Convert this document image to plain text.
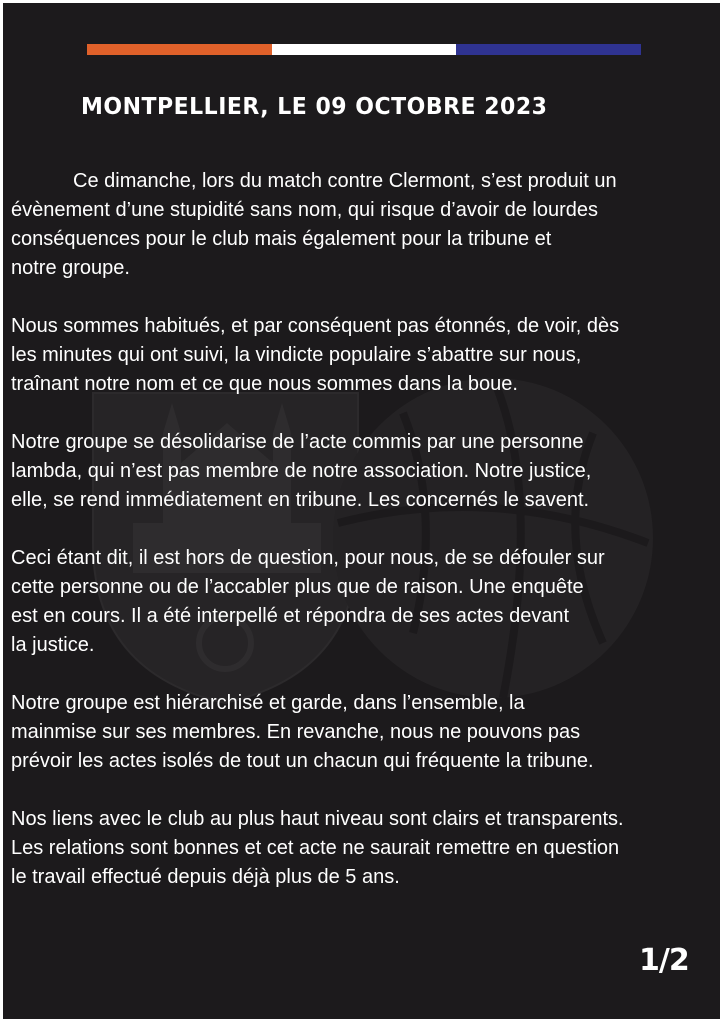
MONTPELLIER, LE 09 OCTOBRE 2023

Ce dimanche, lors du match contre Clermont, s’est produit un
évènement d’une stupidité sans nom, qui risque d’avoir de lourdes
conséquences pour le club mais également pour la tribune et
notre groupe.

Nous sommes habitués, et par conséquent pas étonnés, de voir, dès
les minutes qui ont suivi, la vindicte populaire s’abattre sur nous,
traînant notre nom et ce que nous sommes dans la boue.

Notre groupe se désolidarise de l’acte commis par une personne
lambda, qui n’est pas membre de notre association. Notre justice,
elle, se rend immédiatement en tribune. Les concernés le savent.

Ceci étant dit, il est hors de question, pour nous, de se défouler sur
cette personne ou de l’accabler plus que de raison. Une enquête
est en cours. Il a été interpellé et répondra de ses actes devant
la justice.

Notre groupe est hiérarchisé et garde, dans l’ensemble, la
mainmise sur ses membres. En revanche, nous ne pouvons pas
prévoir les actes isolés de tout un chacun qui fréquente la tribune.

Nos liens avec le club au plus haut niveau sont clairs et transparents.
Les relations sont bonnes et cet acte ne saurait remettre en question
le travail effectué depuis déjà plus de 5 ans.

1/2
